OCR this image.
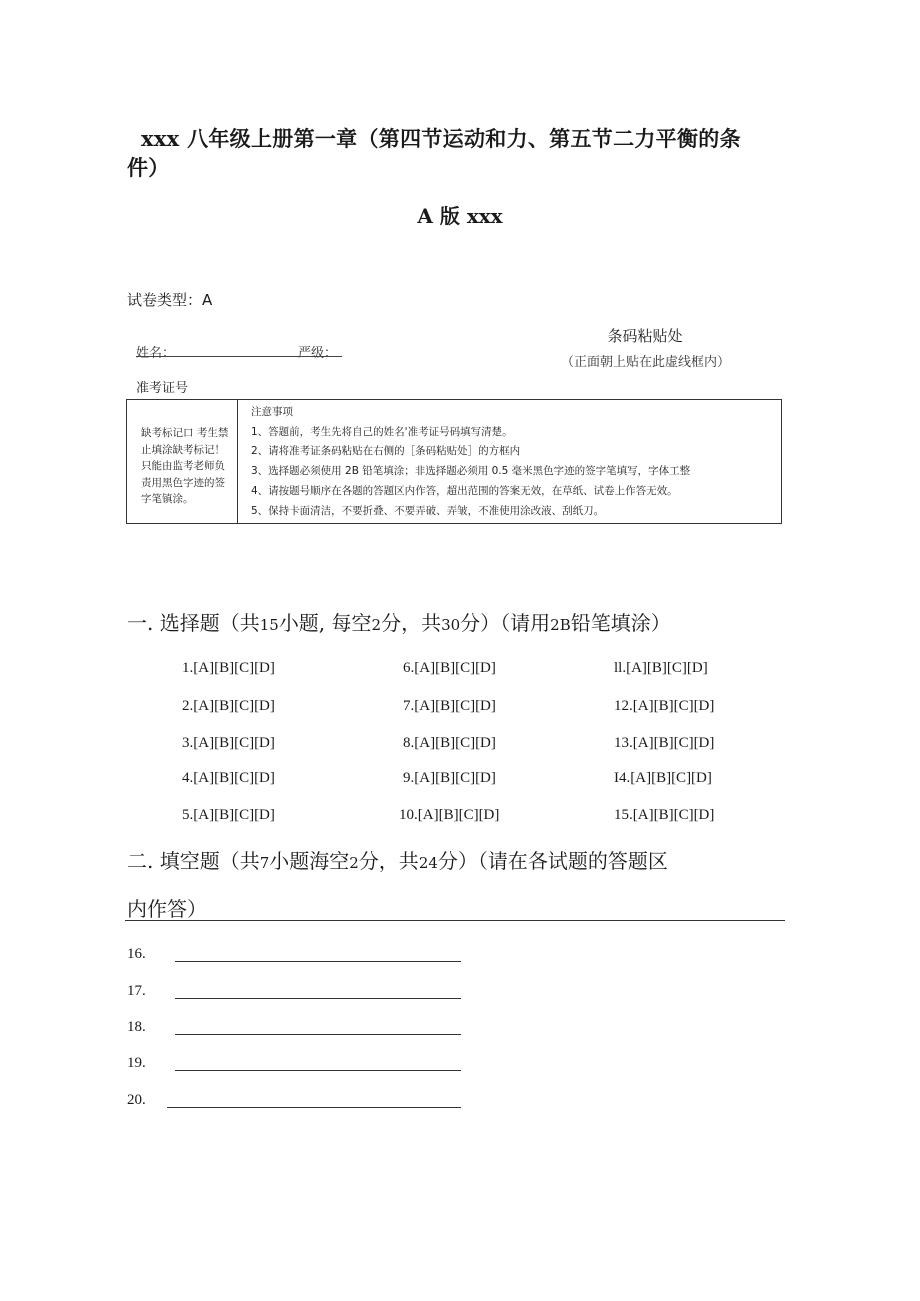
xxx 八年级上册第一章（第四节运动和力、第五节二力平衡的条件）
A 版 xxx
试卷类型：A
条码粘贴处
（正面朝上贴在此虚线框内）
姓名：	严级：
准考证号
缺考标记口 考生禁止填涂缺考标记！只能由监考老师负责用黑色字迹的签字笔镇涂。
注意事项
1、答题前，考生先将自己的姓名'准考证号码填写清楚。
2、请将准考证条码粘贴在右侧的［条码粘贴处］的方框内
3、选择题必须使用 2B 铅笔填涂；非选择题必须用 0.5 毫米黑色字迹的签字笔填写，字体工整
4、请按题号顺序在各题的答题区内作答，超出范围的答案无效，在草纸、试卷上作答无效。
5、保持卡面清洁，不要折叠、不要弄破、弄皱，不准使用涂改液、刮纸刀。
一. 选择题（共15小题, 每空2分，共30分）（请用2B铅笔填涂）
1.[A][B][C][D]
2.[A][B][C][D]
3.[A][B][C][D]
4.[A][B][C][D]
5.[A][B][C][D]
6.[A][B][C][D]
7.[A][B][C][D]
8.[A][B][C][D]
9.[A][B][C][D]
10.[A][B][C][D]
ll.[A][B][C][D]
12.[A][B][C][D]
13.[A][B][C][D]
I4.[A][B][C][D]
15.[A][B][C][D]
二. 填空题（共7小题海空2分，共24分）（请在各试题的答题区
内作答）
16.
17.
18.
19.
20.
